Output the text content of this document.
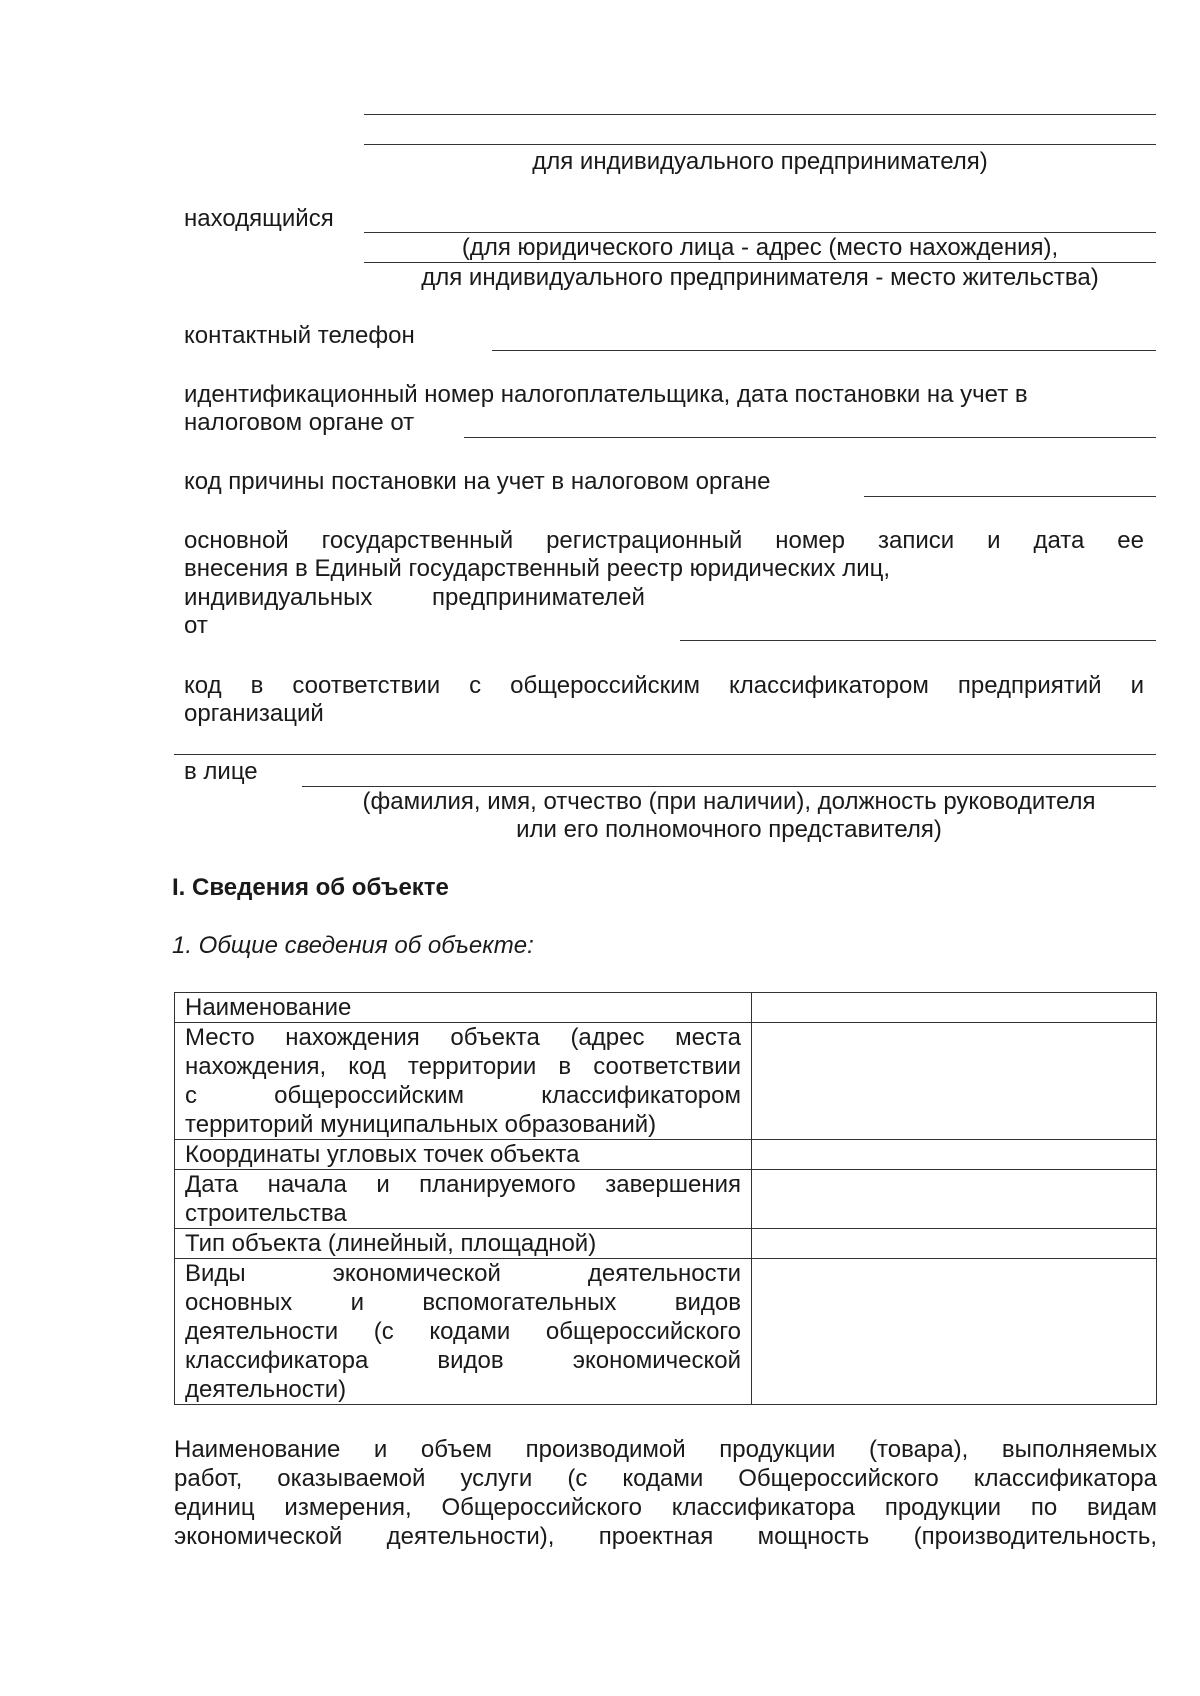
для индивидуального предпринимателя)
находящийся
(для юридического лица - адрес (место нахождения),
для индивидуального предпринимателя - место жительства)
контактный телефон
идентификационный номер налогоплательщика, дата постановки на учет в
налоговом органе от
код причины постановки на учет в налоговом органе
основной государственный регистрационный номер записи и дата ее
внесения в Единый государственный реестр юридических лиц,
индивидуальных предпринимателей
от
код в соответствии с общероссийским классификатором предприятий и
организаций
в лице
(фамилия, имя, отчество (при наличии), должность руководителя
или его полномочного представителя)
I. Сведения об объекте
1. Общие сведения об объекте:
Наименование	

Место нахождения объекта (адрес места
нахождения, код территории в соответствии
с общероссийским классификатором
территорий муниципальных образований)	

Координаты угловых точек объекта	

Дата начала и планируемого завершения
строительства	

Тип объекта (линейный, площадной)	

Виды экономической деятельности
основных и вспомогательных видов
деятельности (с кодами общероссийского
классификатора видов экономической
деятельности)	

Наименование и объем производимой продукции (товара), выполняемых
работ, оказываемой услуги (с кодами Общероссийского классификатора
единиц измерения, Общероссийского классификатора продукции по видам
экономической деятельности), проектная мощность (производительность,
